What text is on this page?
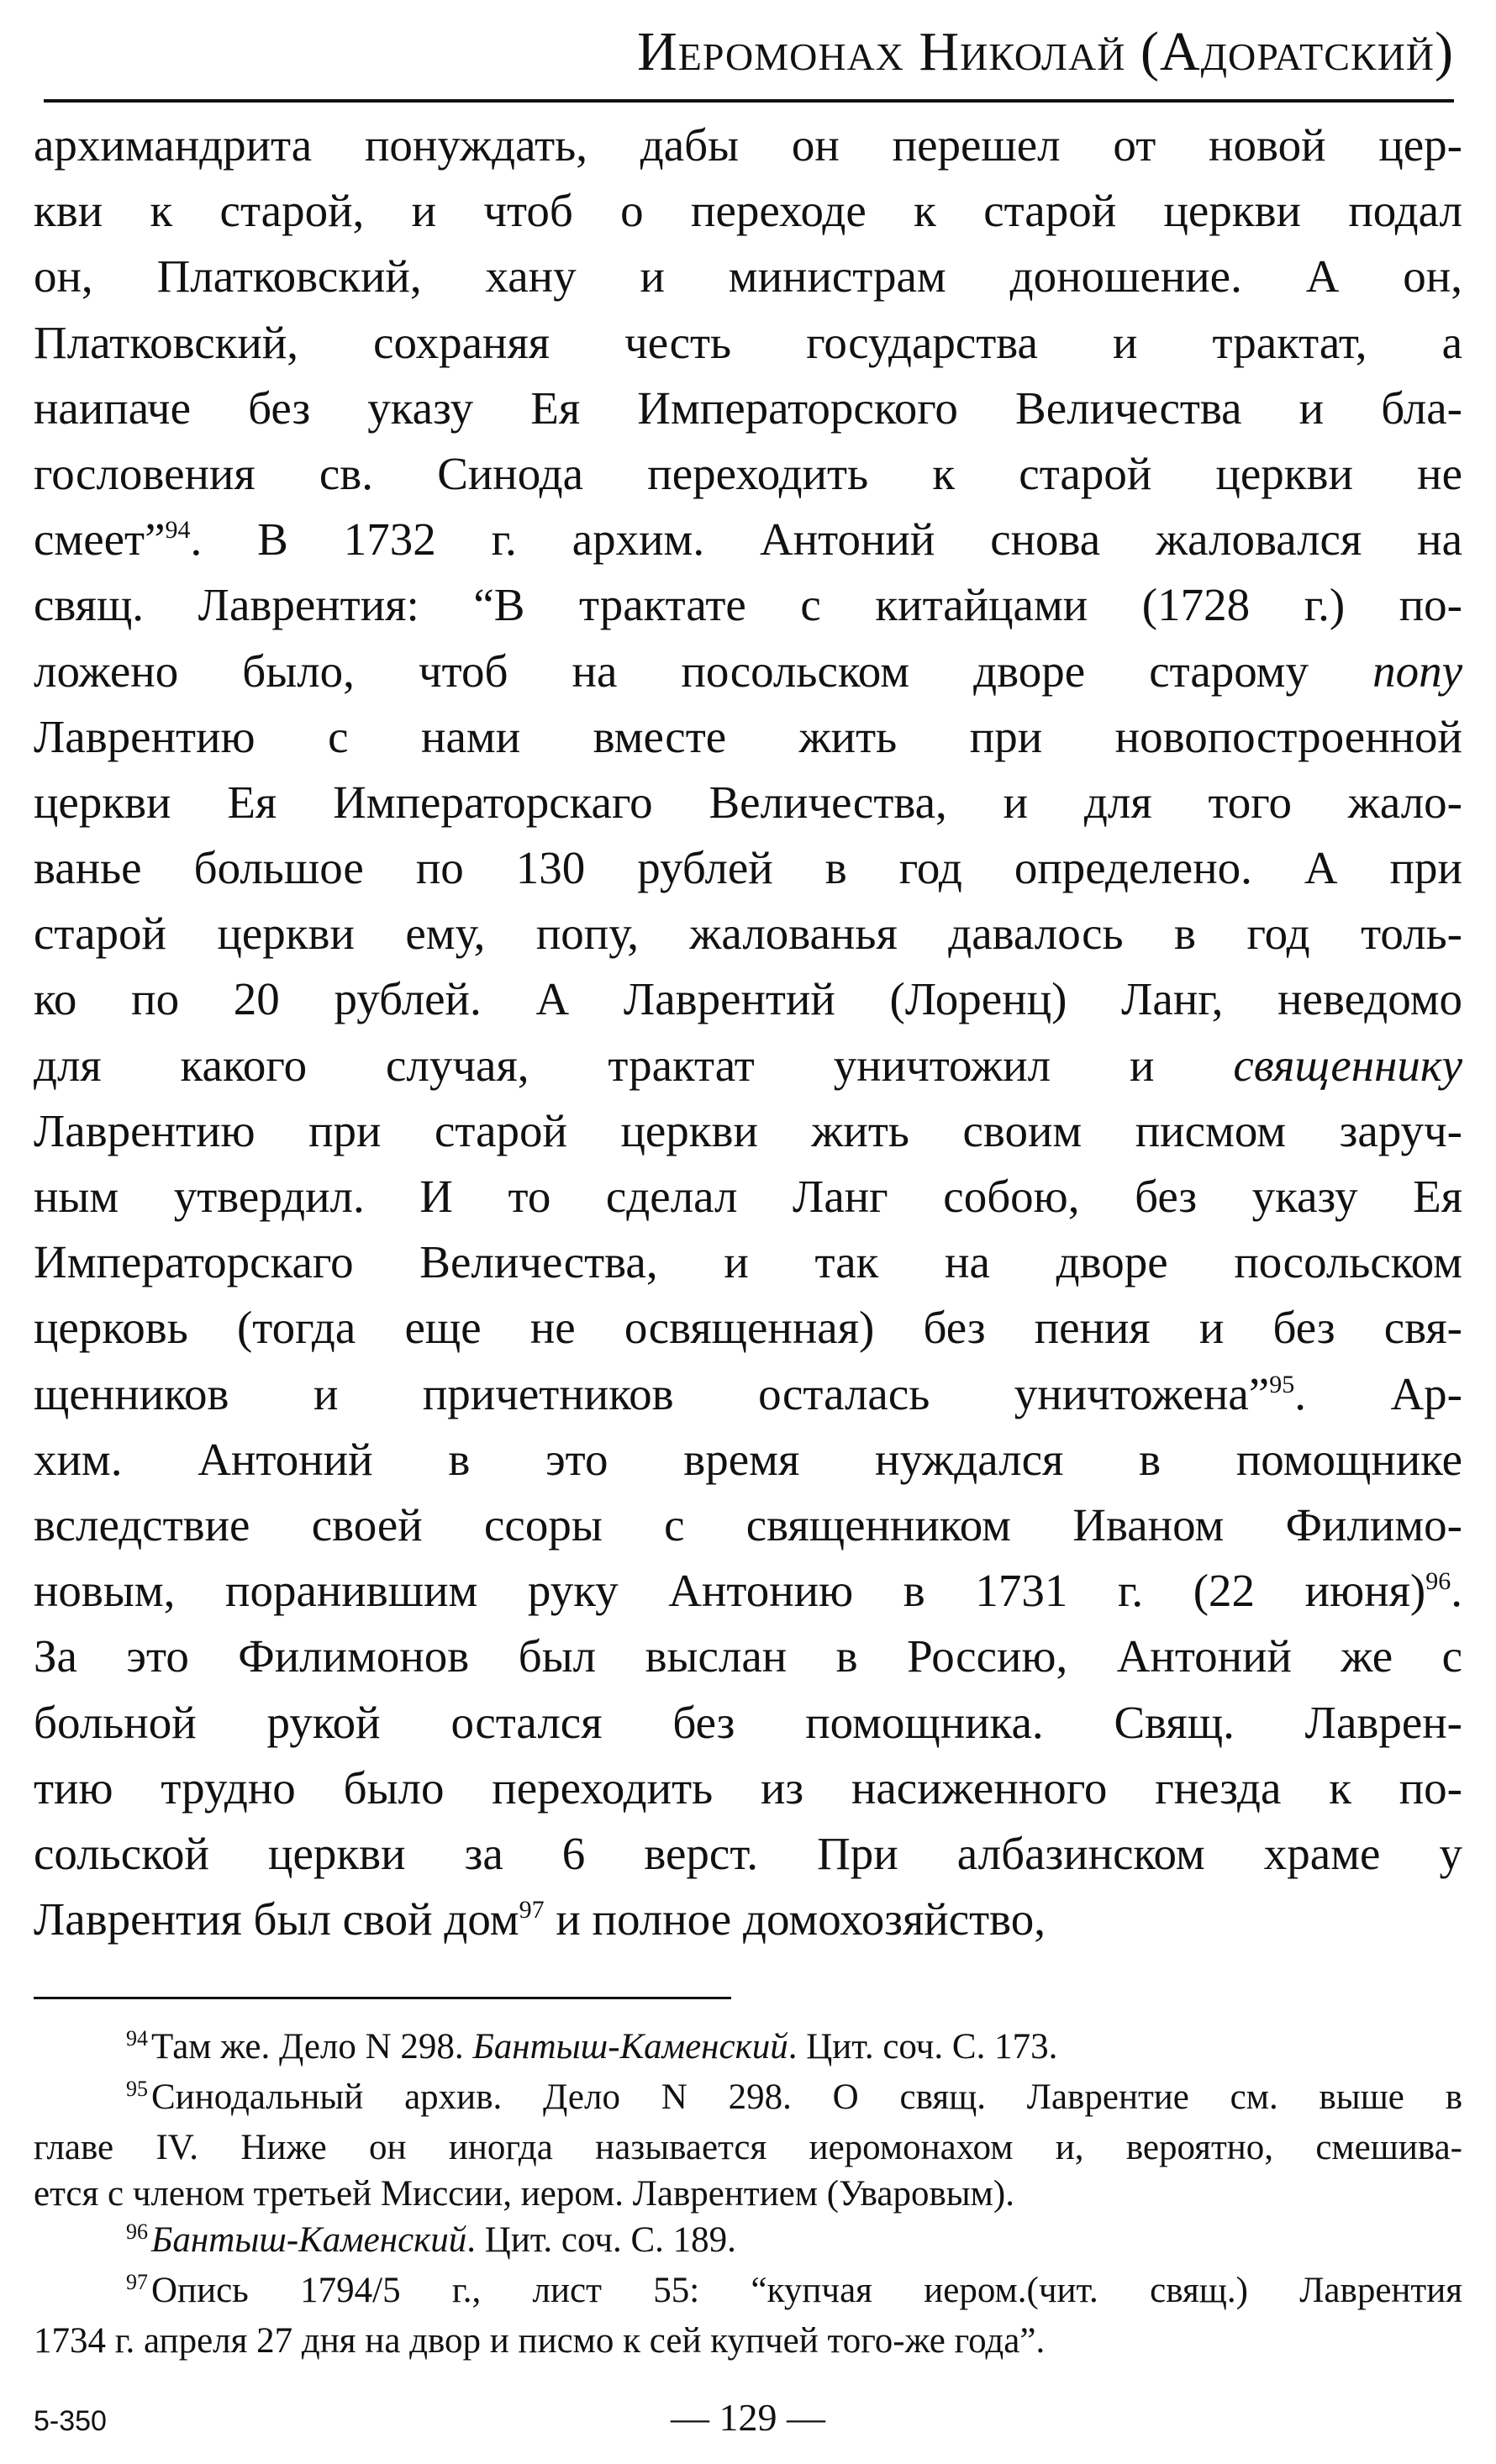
Иеромонах Николай (Адоратский)
архимандрита понуждать, дабы он перешел от новой цер-
кви к старой, и чтоб о переходе к старой церкви подал
он, Платковский, хану и министрам доношение. А он,
Платковский, сохраняя честь государства и трактат, а
наипаче без указу Ея Императорского Величества и бла-
гословения св. Синода переходить к старой церкви не
смеет”$^{94}$. В 1732 г. архим. Антоний снова жаловался на
свящ. Лаврентия: “В трактате с китайцами (1728 г.) по-
ложено было, чтоб на посольском дворе старому попу
Лаврентию с нами вместе жить при новопостроенной
церкви Ея Императорскаго Величества, и для того жало-
ванье большое по 130 рублей в год определено. А при
старой церкви ему, попу, жалованья давалось в год толь-
ко по 20 рублей. А Лаврентий (Лоренц) Ланг, неведомо
для какого случая, трактат уничтожил и священнику
Лаврентию при старой церкви жить своим писмом заруч-
ным утвердил. И то сделал Ланг собою, без указу Ея
Императорскаго Величества, и так на дворе посольском
церковь (тогда еще не освященная) без пения и без свя-
щенников и причетников осталась уничтожена”$^{95}$. Ар-
хим. Антоний в это время нуждался в помощнике
вследствие своей ссоры с священником Иваном Филимо-
новым, поранившим руку Антонию в 1731 г. (22 июня)$^{96}$.
За это Филимонов был выслан в Россию, Антоний же с
больной рукой остался без помощника. Свящ. Лаврен-
тию трудно было переходить из насиженного гнезда к по-
сольской церкви за 6 верст. При албазинском храме у
Лаврентия был свой дом$^{97}$ и полное домохозяйство,
$^{94}$Там же. Дело N 298. Бантыш-Каменский. Цит. соч. С. 173.
$^{95}$Синодальный архив. Дело N 298. О свящ. Лаврентие см. выше в
главе IV. Ниже он иногда называется иеромонахом и, вероятно, смешива-
ется с членом третьей Миссии, иером. Лаврентием (Уваровым).
$^{96}$Бантыш-Каменский. Цит. соч. С. 189.
$^{97}$Опись 1794/5 г., лист 55: “купчая иером.(чит. свящ.) Лаврентия
1734 г. апреля 27 дня на двор и писмо к сей купчей того-же года”.
5-350	— 129 —
